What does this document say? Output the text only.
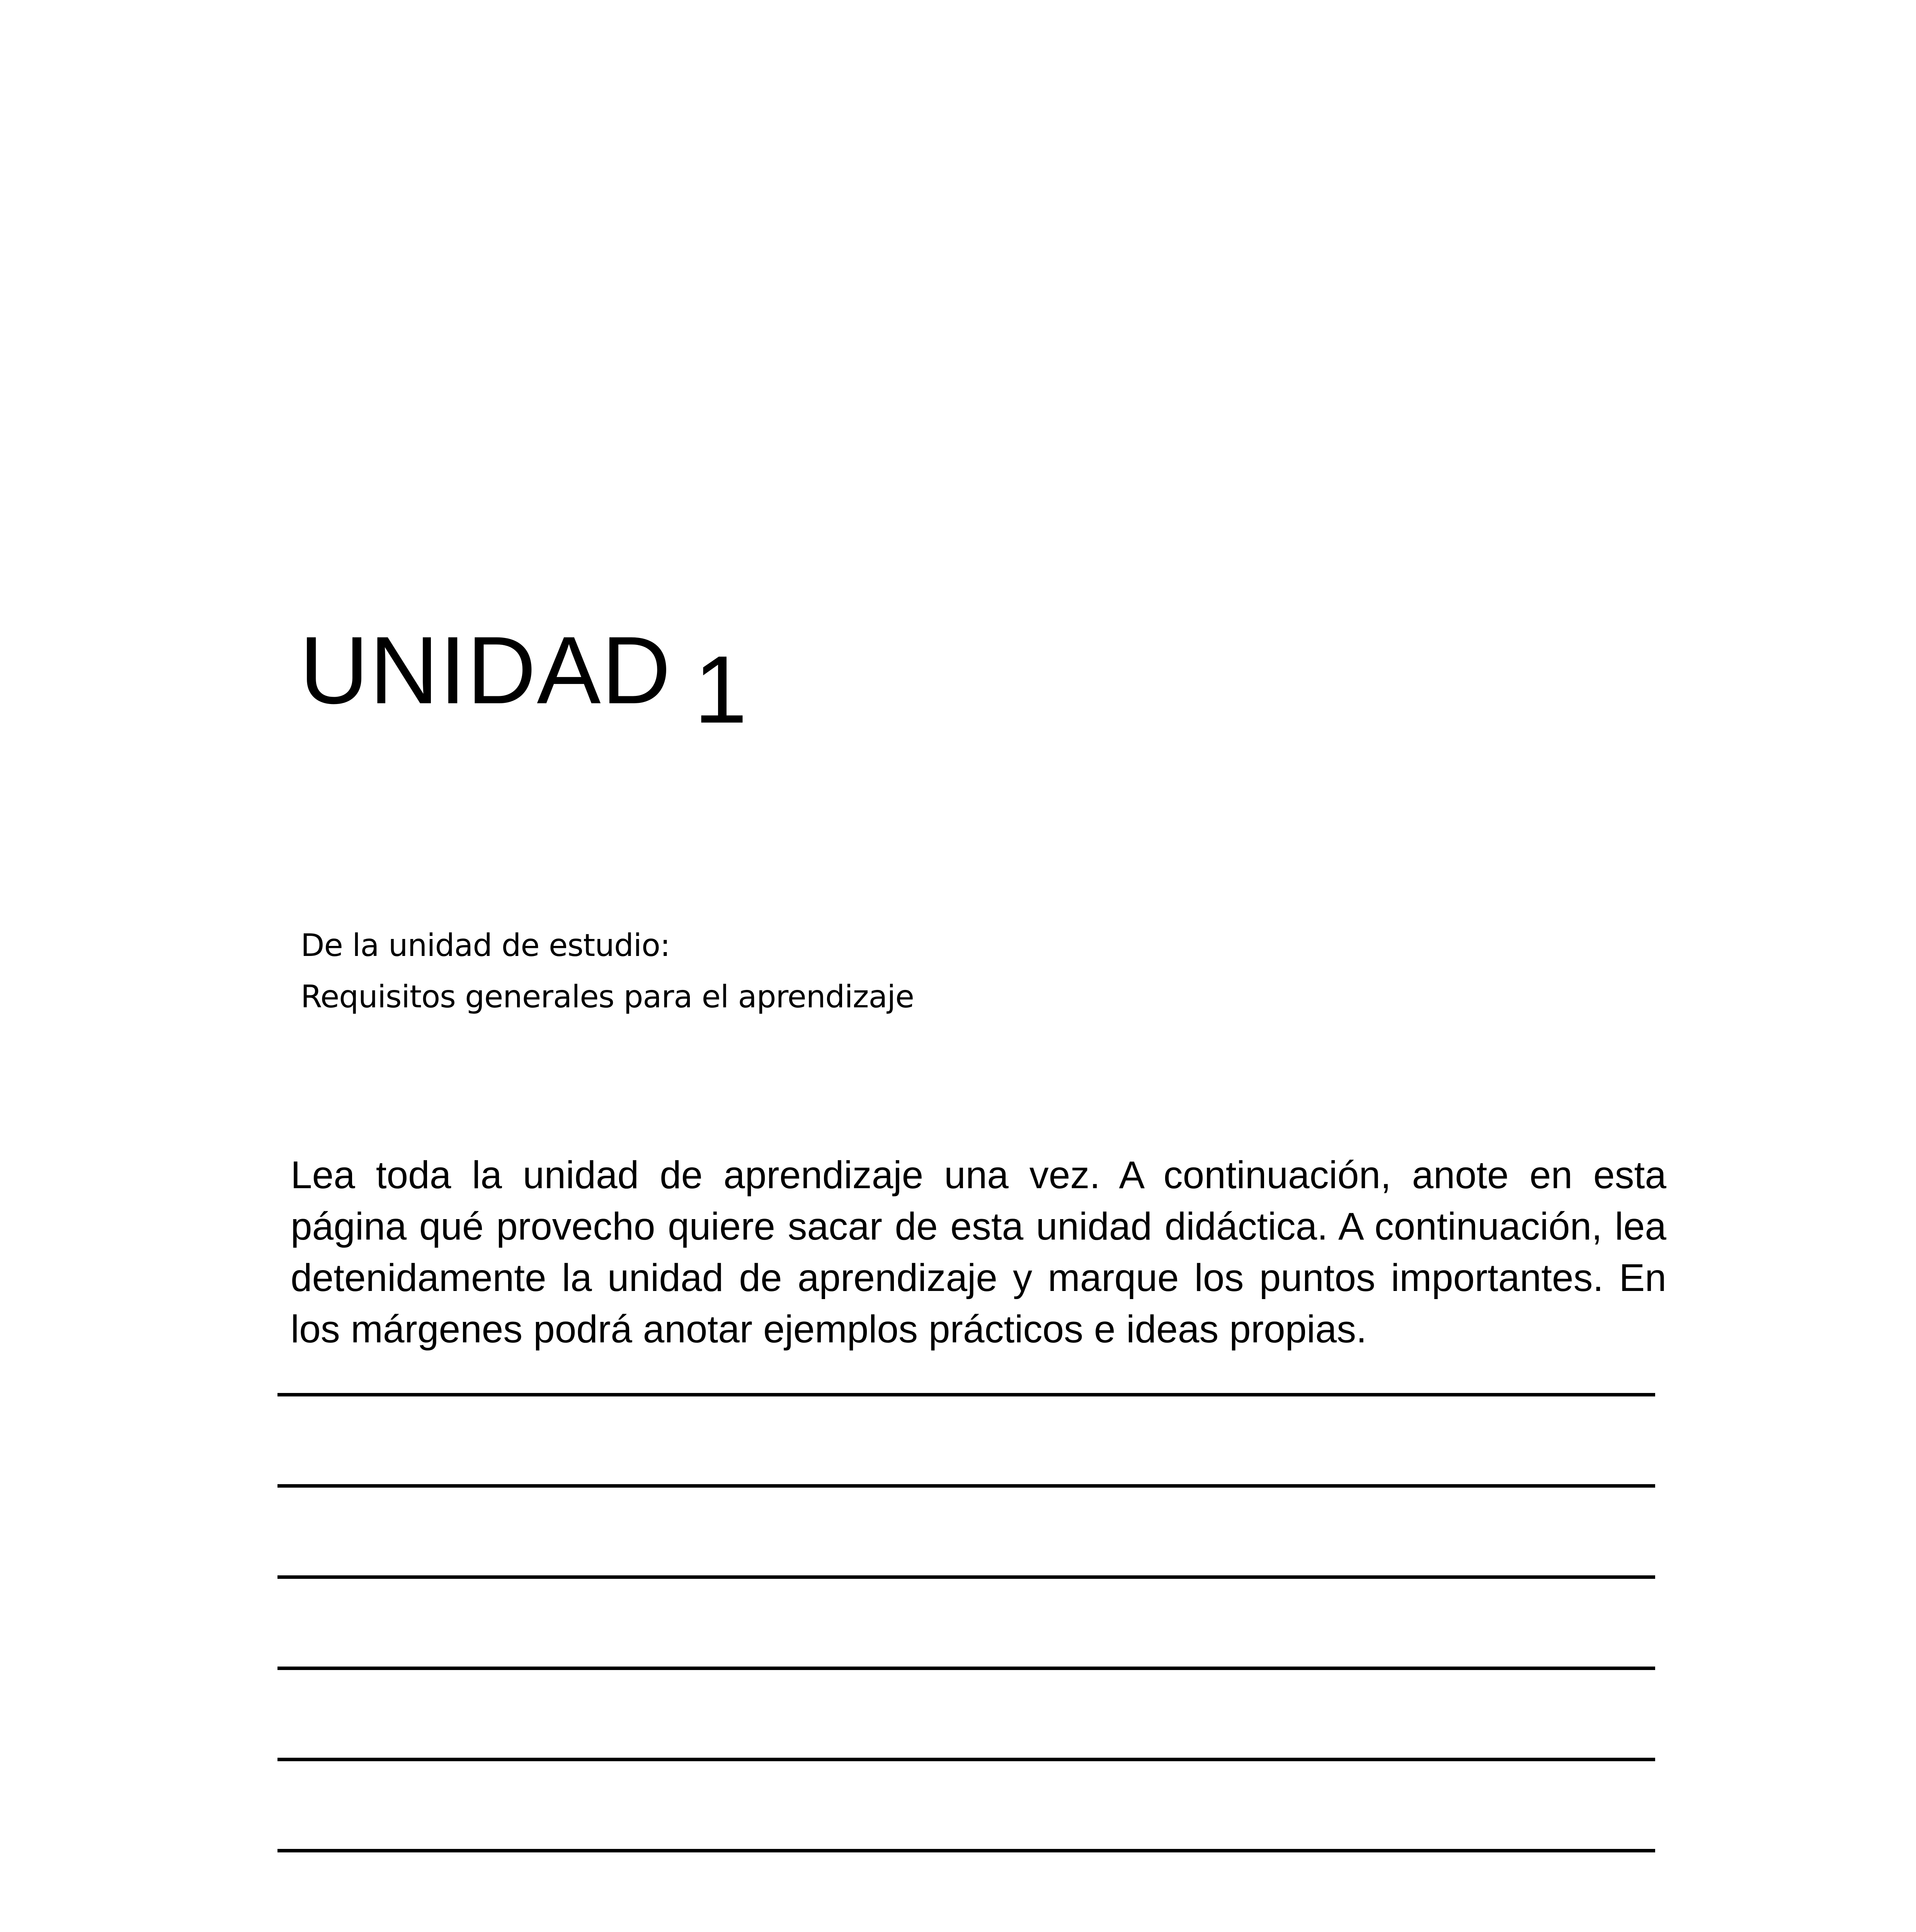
UNIDAD 1
De la unidad de estudio:
Requisitos generales para el aprendizaje

Lea toda la unidad de aprendizaje una vez. A continuación, anote en esta página qué provecho quiere sacar de esta unidad didáctica. A continuación, lea detenidamente la unidad de aprendizaje y marque los puntos importantes. En los márgenes podrá anotar ejemplos prácticos e ideas propias.
